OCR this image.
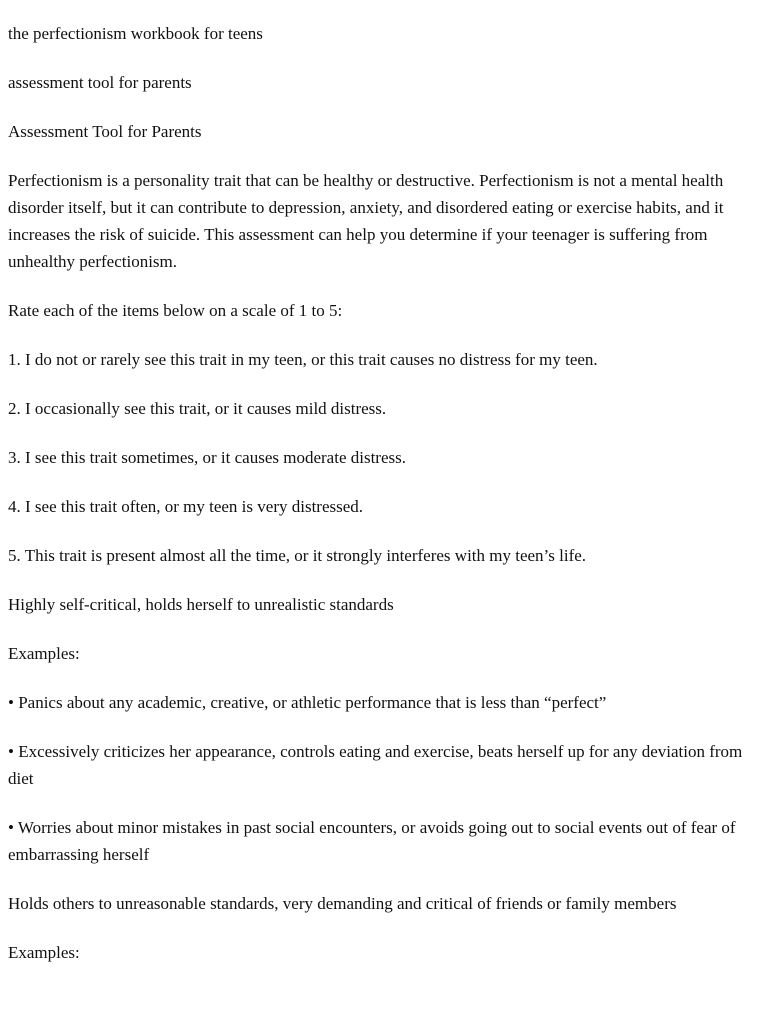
the perfectionism workbook for teens

assessment tool for parents

Assessment Tool for Parents

Perfectionism is a personality trait that can be healthy or destructive. Perfectionism is not a mental health disorder itself, but it can contribute to depression, anxiety, and disordered eating or exercise habits, and it increases the risk of suicide. This assessment can help you determine if your teenager is suffering from unhealthy perfectionism.

Rate each of the items below on a scale of 1 to 5:

1. I do not or rarely see this trait in my teen, or this trait causes no distress for my teen.

2. I occasionally see this trait, or it causes mild distress.

3. I see this trait sometimes, or it causes moderate distress.

4. I see this trait often, or my teen is very distressed.

5. This trait is present almost all the time, or it strongly interferes with my teen’s life.

Highly self-critical, holds herself to unrealistic standards

Examples:

• Panics about any academic, creative, or athletic performance that is less than “perfect”

• Excessively criticizes her appearance, controls eating and exercise, beats herself up for any deviation from diet

• Worries about minor mistakes in past social encounters, or avoids going out to social events out of fear of embarrassing herself

Holds others to unreasonable standards, very demanding and critical of friends or family members

Examples:
